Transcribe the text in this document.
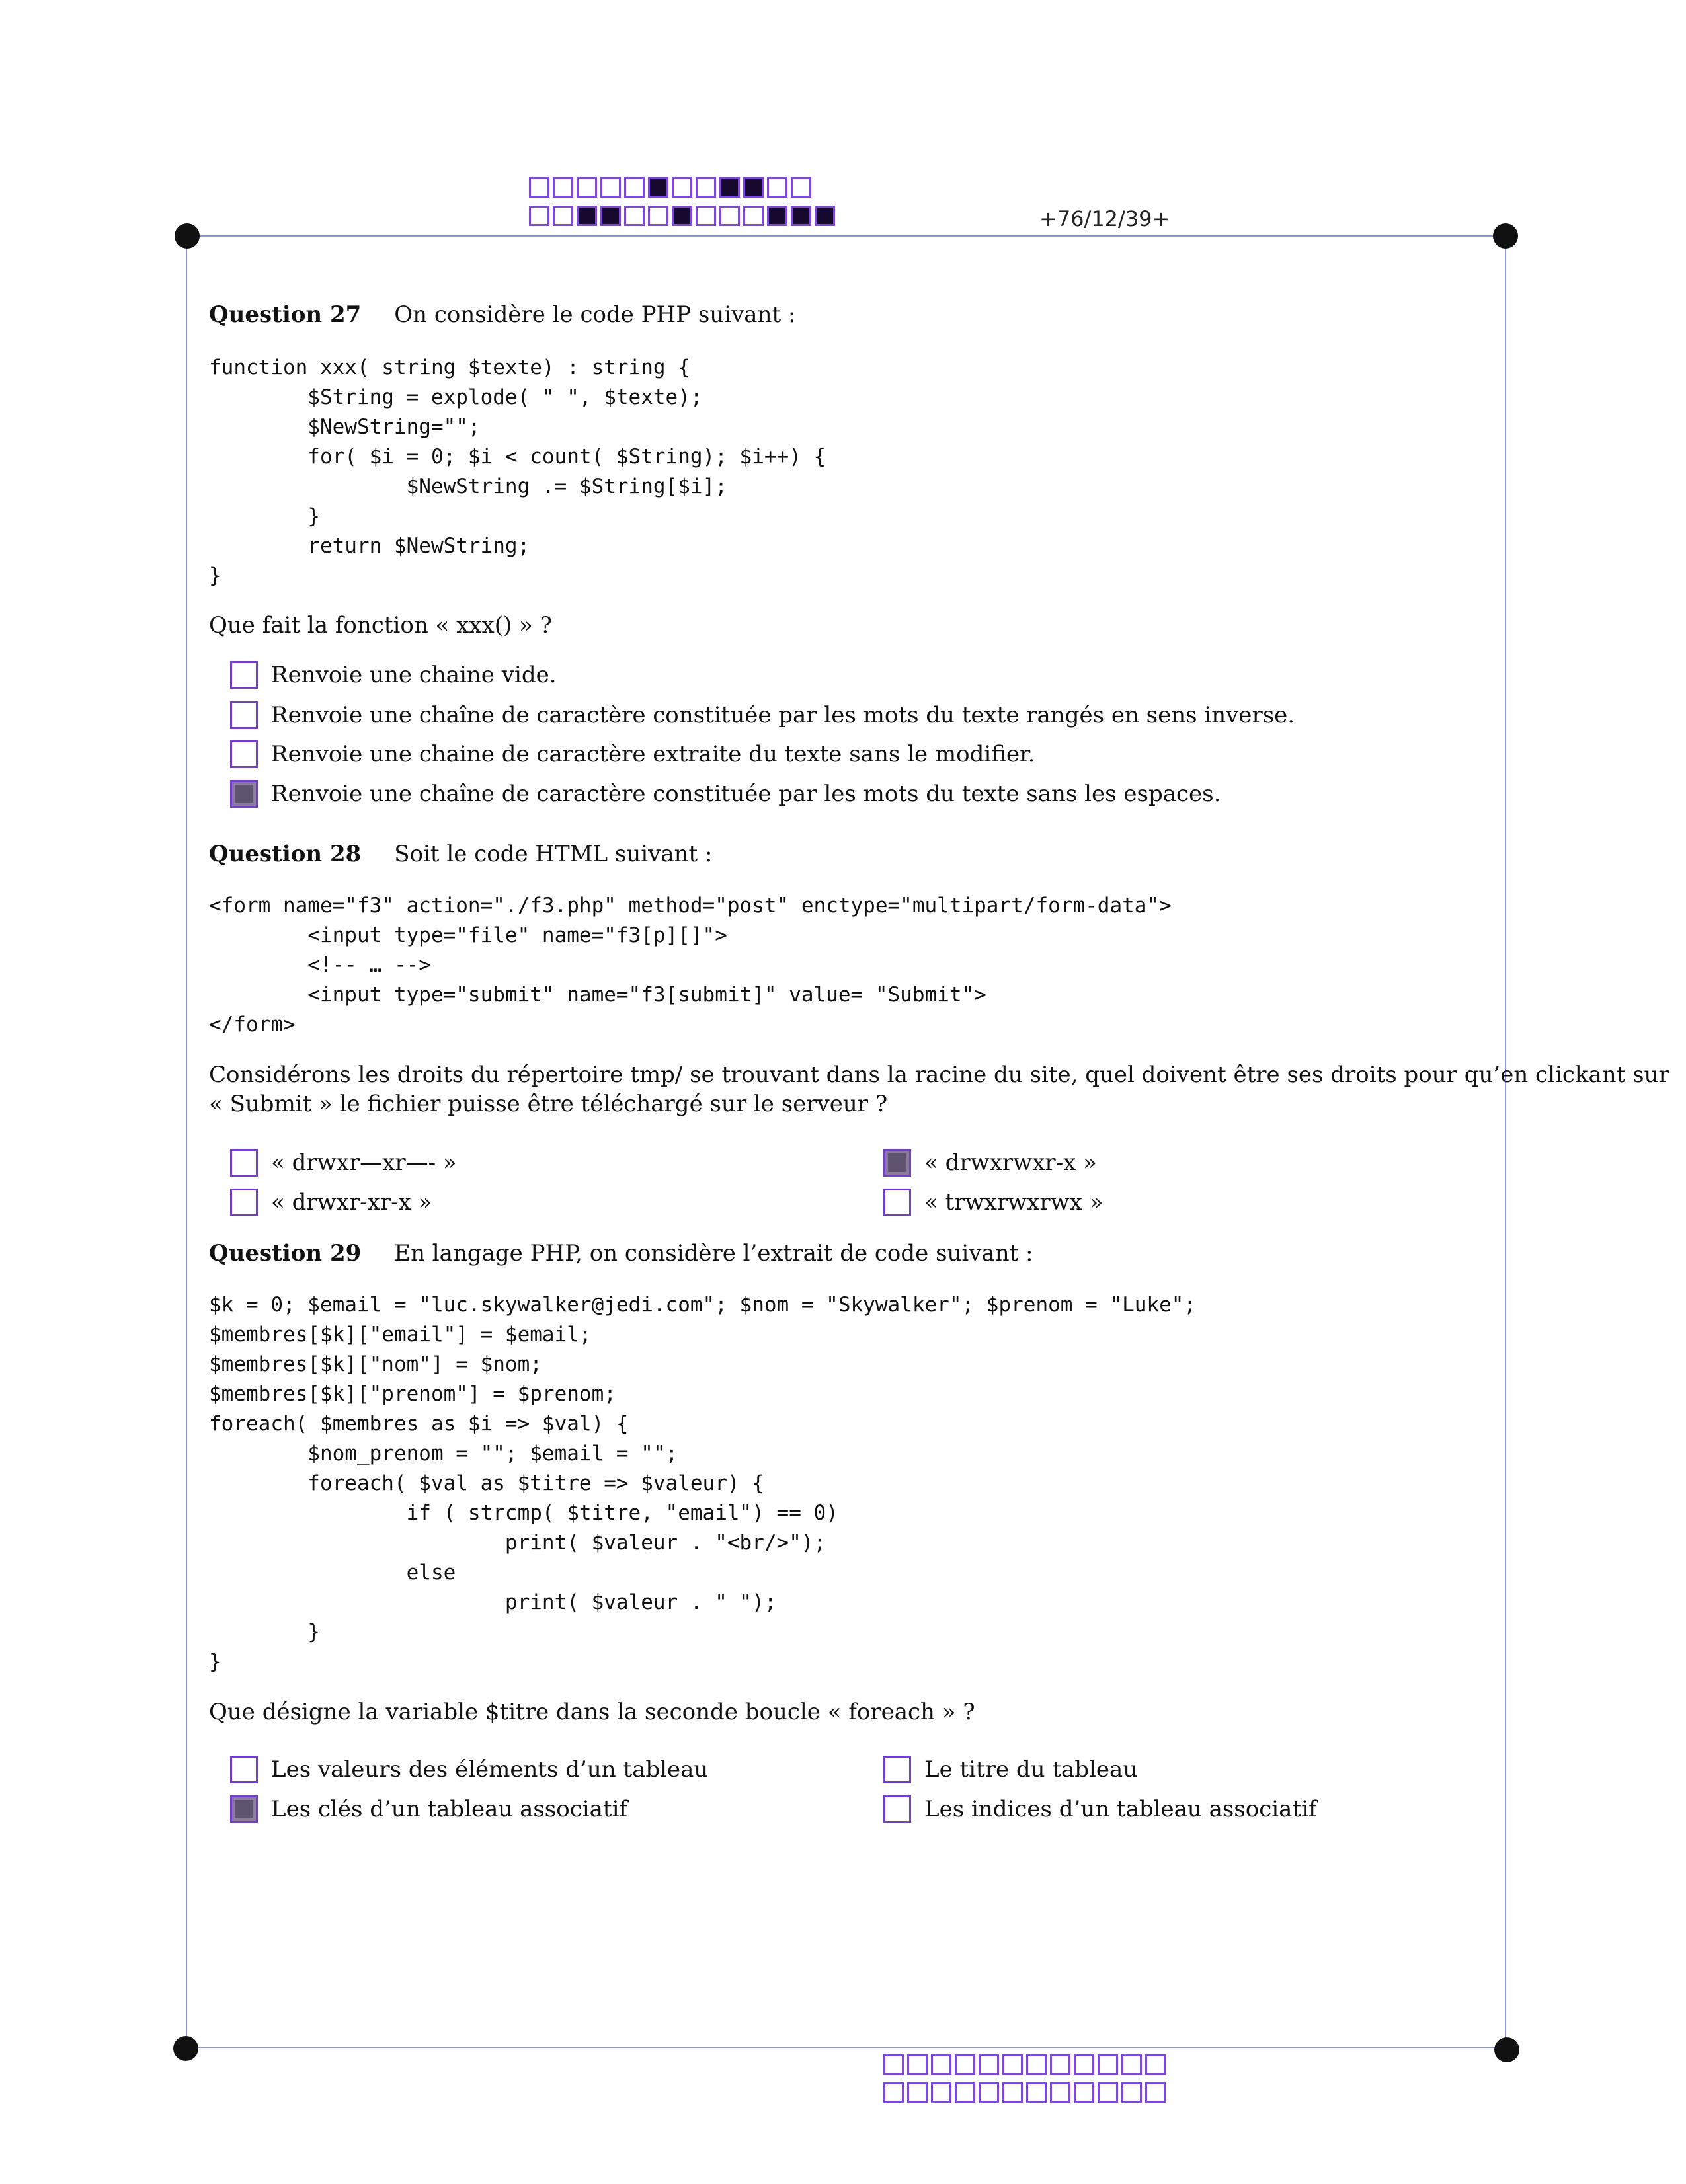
+76/12/39+
Question 27 On considère le code PHP suivant :
function xxx( string $texte) : string {
$String = explode( " ", $texte);
$NewString="";
for( $i = 0; $i < count( $String); $i++) {
$NewString .= $String[$i];
}
return $NewString;
}
Que fait la fonction « xxx() » ?
Renvoie une chaine vide.
Renvoie une chaîne de caractère constituée par les mots du texte rangés en sens inverse.
Renvoie une chaine de caractère extraite du texte sans le modifier.
Renvoie une chaîne de caractère constituée par les mots du texte sans les espaces.
Question 28 Soit le code HTML suivant :
<form name="f3" action="./f3.php" method="post" enctype="multipart/form-data">
<input type="file" name="f3[p][]">
<!-- … -->
<input type="submit" name="f3[submit]" value= "Submit">
</form>
Considérons les droits du répertoire tmp/ se trouvant dans la racine du site, quel doivent être ses droits pour qu’en clickant sur
« Submit » le fichier puisse être téléchargé sur le serveur ?
« drwxr—xr—- »
« drwxr-xr-x »
« drwxrwxr-x »
« trwxrwxrwx »
Question 29 En langage PHP, on considère l’extrait de code suivant :
$k = 0; $email = "luc.skywalker@jedi.com"; $nom = "Skywalker"; $prenom = "Luke";
$membres[$k]["email"] = $email;
$membres[$k]["nom"] = $nom;
$membres[$k]["prenom"] = $prenom;
foreach( $membres as $i => $val) {
$nom_prenom = ""; $email = "";
foreach( $val as $titre => $valeur) {
if ( strcmp( $titre, "email") == 0)
print( $valeur . "<br/>");
else
print( $valeur . " ");
}
}
Que désigne la variable $titre dans la seconde boucle « foreach » ?
Les valeurs des éléments d’un tableau
Les clés d’un tableau associatif
Le titre du tableau
Les indices d’un tableau associatif
